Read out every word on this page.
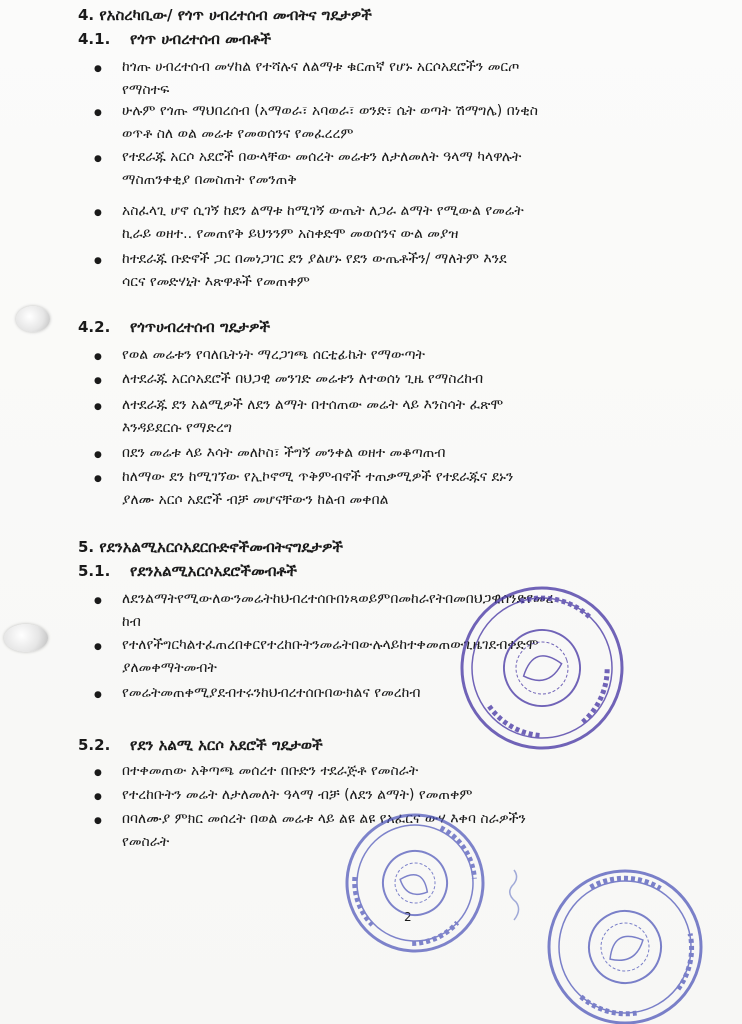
4. የአስረካቢው/ የጎጥ ሀብረተሰብ መብትና ግዴታዎች
4.1. የጎጥ ሀብረተሰብ መብቶች
● ከጎጡ ሀብረተሰብ መሃከል የተሻሉና ለልማቱ ቁርጠኛ የሆኑ አርሶአደሮችን መርጦ
የማስተፍ
● ሁሉም የጎጡ ማህበረሰብ (አማወራ፣ አባወራ፣ ወንድ፣ ሴት ወጣት ሽማግሌ) በነቂስ
ወጥቶ ስለ ወል መሬቱ የመወሰንና የመፈረረም
● የተደራጁ አርሶ አደሮች በውላቸው መሰረት መሬቱን ለታለመለት ዓላማ ካላዋሉት
ማስጠንቀቂያ በመስጠት የመንጠቅ
● አስፈላጊ ሆኖ ሲገኝ ከደን ልማቱ ከሚገኝ ውጤት ለጋራ ልማት የሚውል የመሬት
ኪራይ ወዘተ.. የመጠየቅ ይህንንም አስቀድሞ መወሰንና ውል መያዝ
● ከተደራጁ ቡድኖች ጋር በመነጋገር ደን ያልሆኑ የደን ውጤቶችን/ ማለትም እንደ
ሳርና የመድሃኒት እጽዋቶች የመጠቀም
4.2. የጎጥሀብረተሰብ ግዴታዎች
● የወል መሬቱን የባለቤትነት ማረጋገጫ ሰርቲፊኬት የማውጣት
● ለተደራጁ አርሶአደሮች በህጋዊ መንገድ መሬቱን ለተወሰነ ጊዜ የማስረከብ
● ለተደራጁ ደን አልሚዎች ለደን ልማት በተሰጠው መሬት ላይ እንስሳት ፈጽሞ
እንዳይደርሱ የማድረግ
● በደን መሬቱ ላይ እሳት መለኮስ፣ ችግኝ መንቀል ወዘተ መቆጣጠብ
● ከለማው ደን ከሚገኘው የኢኮኖሚ ጥቅምብኖች ተጠቃሚዎች የተደራጁና ደኑን
ያለሙ አርሶ አደሮች ብቻ መሆናቸውን ከልብ መቀበል
5. የደንአልሚአርሶአደርቡድኖችመብትናግዴታዎች
5.1. የደንአልሚአርሶአደሮችመብቶች
● ለደንልማትየሚውለውንመሬትከህብረተሰቡበነጻወይምበመከራየትበመበህጋዊሰንድየመረ
ከብ
● የተለየችግርካልተፈጠረበቀርየተረከቡትንመሬትበውሉላይከተቀመጠውጊዜገደብቀድሞ
ያለመቀማትመብት
● የመሬትመጠቀሚያደብተሩንከህብረተሰቡበውክልና የመረከብ
5.2. የደን አልሚ አርሶ አደሮች ግዴታወች
● በተቀመጠው አቅጣጫ መሰረተ በቡድን ተደራጅቶ የመስራት
● የተረከቡትን መሬት ለታለመለት ዓላማ ብቻ (ለደን ልማት) የመጠቀም
● በባለሙያ ምክር መሰረት በወል መሬቱ ላይ ልዩ ልዩ የአፈርና ውሃ እቀባ ስራዎችን
የመስራት
2
